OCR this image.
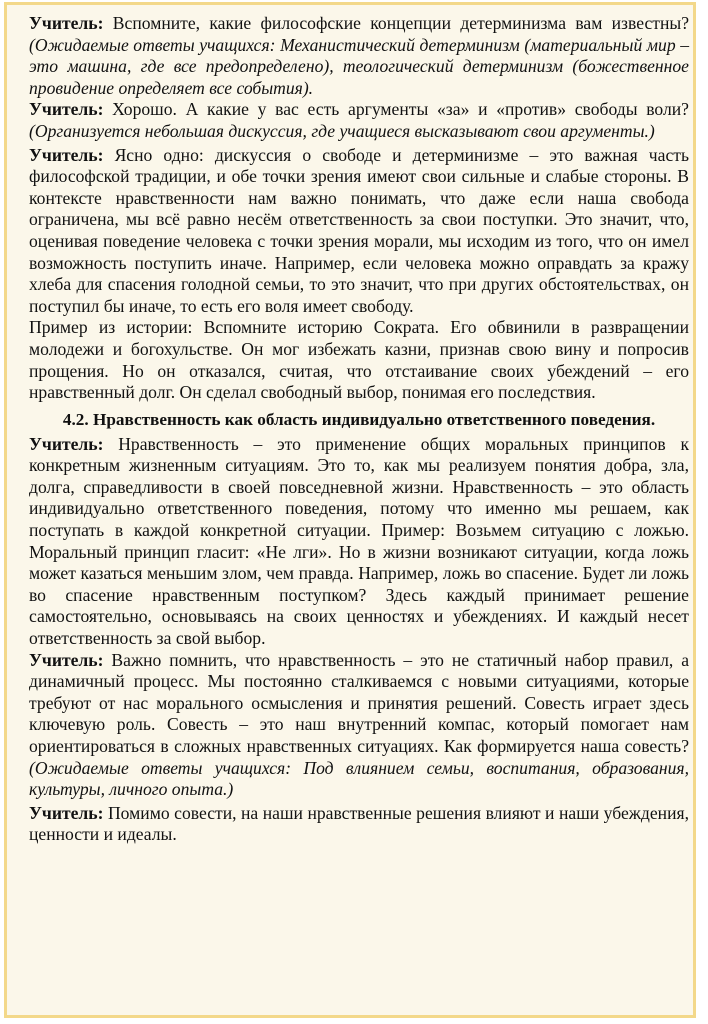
Учитель: Вспомните, какие философские концепции детерминизма вам известны? (Ожидаемые ответы учащихся: Механистический детерминизм (материальный мир – это машина, где все предопределено), теологический детерминизм (божественное провидение определяет все события).

Учитель: Хорошо. А какие у вас есть аргументы «за» и «против» свободы воли? (Организуется небольшая дискуссия, где учащиеся высказывают свои аргументы.)

Учитель: Ясно одно: дискуссия о свободе и детерминизме – это важная часть философской традиции, и обе точки зрения имеют свои сильные и слабые стороны. В контексте нравственности нам важно понимать, что даже если наша свобода ограничена, мы всё равно несём ответственность за свои поступки. Это значит, что, оценивая поведение человека с точки зрения морали, мы исходим из того, что он имел возможность поступить иначе. Например, если человека можно оправдать за кражу хлеба для спасения голодной семьи, то это значит, что при других обстоятельствах, он поступил бы иначе, то есть его воля имеет свободу.

Пример из истории: Вспомните историю Сократа. Его обвинили в развращении молодежи и богохульстве. Он мог избежать казни, признав свою вину и попросив прощения. Но он отказался, считая, что отстаивание своих убеждений – его нравственный долг. Он сделал свободный выбор, понимая его последствия.

4.2. Нравственность как область индивидуально ответственного поведения.

Учитель: Нравственность – это применение общих моральных принципов к конкретным жизненным ситуациям. Это то, как мы реализуем понятия добра, зла, долга, справедливости в своей повседневной жизни. Нравственность – это область индивидуально ответственного поведения, потому что именно мы решаем, как поступать в каждой конкретной ситуации. Пример: Возьмем ситуацию с ложью. Моральный принцип гласит: «Не лги». Но в жизни возникают ситуации, когда ложь может казаться меньшим злом, чем правда. Например, ложь во спасение. Будет ли ложь во спасение нравственным поступком? Здесь каждый принимает решение самостоятельно, основываясь на своих ценностях и убеждениях. И каждый несет ответственность за свой выбор.

Учитель: Важно помнить, что нравственность – это не статичный набор правил, а динамичный процесс. Мы постоянно сталкиваемся с новыми ситуациями, которые требуют от нас морального осмысления и принятия решений. Совесть играет здесь ключевую роль. Совесть – это наш внутренний компас, который помогает нам ориентироваться в сложных нравственных ситуациях. Как формируется наша совесть? (Ожидаемые ответы учащихся: Под влиянием семьи, воспитания, образования, культуры, личного опыта.)

Учитель: Помимо совести, на наши нравственные решения влияют и наши убеждения, ценности и идеалы.
